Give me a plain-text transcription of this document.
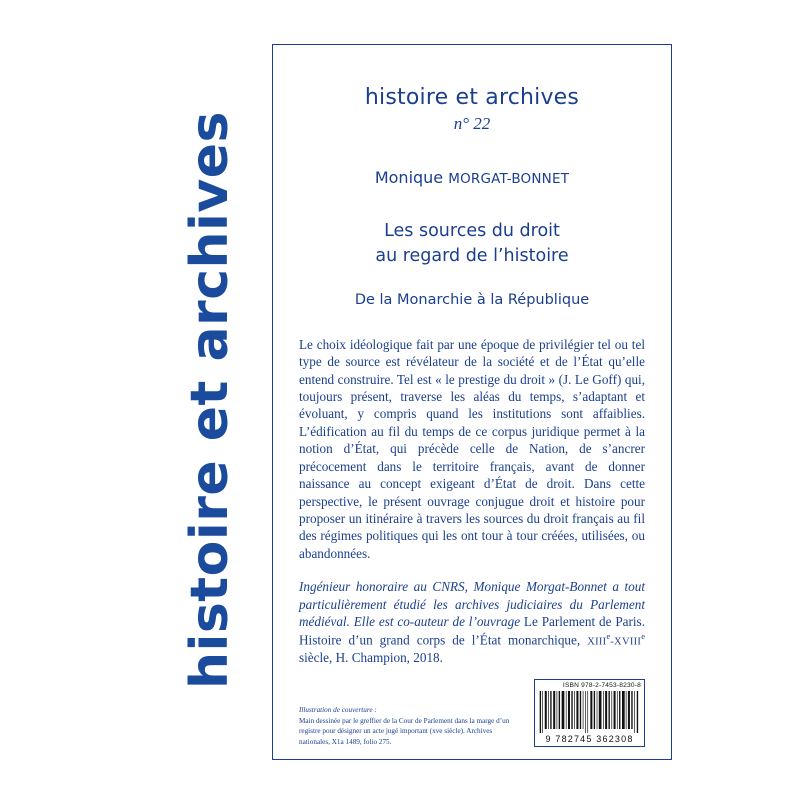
histoire et archives
histoire et archives
n° 22
Monique MORGAT-BONNET
Les sources du droit
au regard de l’histoire
De la Monarchie à la République
Le choix idéologique fait par une époque de privilégier tel ou tel type de source est révélateur de la société et de l’État qu’elle entend construire. Tel est « le prestige du droit » (J. Le Goff) qui, toujours présent, traverse les aléas du temps, s’adaptant et évoluant, y compris quand les institutions sont affaiblies. L’édification au fil du temps de ce corpus juridique permet à la notion d’État, qui précède celle de Nation, de s’ancrer précocement dans le territoire français, avant de donner naissance au concept exigeant d’État de droit. Dans cette perspective, le présent ouvrage conjugue droit et histoire pour proposer un itinéraire à travers les sources du droit français au fil des régimes politiques qui les ont tour à tour créées, utilisées, ou abandonnées.
Ingénieur honoraire au CNRS, Monique Morgat-Bonnet a tout particulièrement étudié les archives judiciaires du Parlement médiéval. Elle est co-auteur de l’ouvrage Le Parlement de Paris. Histoire d’un grand corps de l’État monarchique, XIIIe-XVIIIe siècle, H. Champion, 2018.
Illustration de couverture :
Main dessinée par le greffier de la Cour de Parlement dans la marge d’un registre pour désigner un acte jugé important (xve siècle). Archives nationales, X1a 1489, folio 275.
ISBN 978-2-7453-8230-8
9 782745 362308
